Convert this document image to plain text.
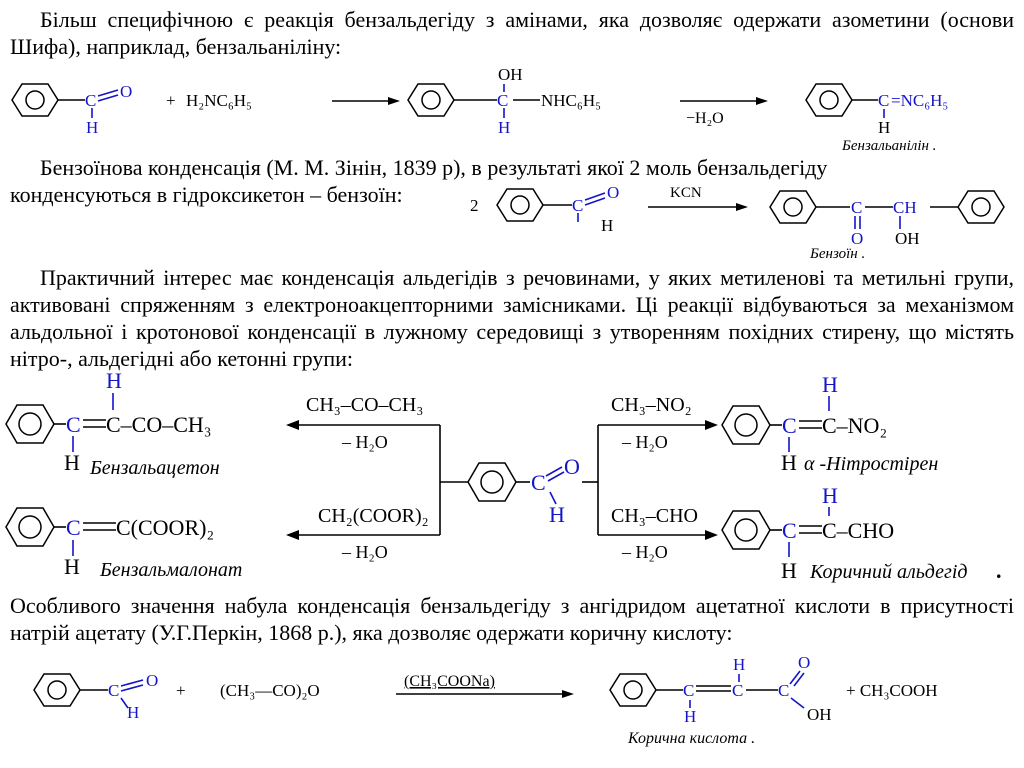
Більш специфічною є реакція бензальдегіду з амінами, яка дозволяє одержати азометини (основи Шифа), наприклад, бензальаніліну:
Бензоїнова конденсація (М. М. Зінін, 1839 р), в результаті якої 2 моль бензальдегіду
конденсуються в гідроксикетон – бензоїн:
Практичний інтерес має конденсація альдегідів з речовинами, у яких метиленові та метильні групи, активовані спряженням з електроноакцепторними замісниками. Ці реакції відбуваються за механізмом альдольної і кротонової конденсації в лужному середовищі з утворенням похідних стирену, що містять нітро-, альдегідні або кетонні групи:
Особливого значення набула конденсація бензальдегіду з ангідридом ацетатної кислоти в присутності натрій ацетату (У.Г.Перкін, 1868 р.), яка дозволяє одержати коричну кислоту:
C O
H
+ H₂NC₆H₅	C
OH
H
NHC₆H₅
−H₂O
C =NC₆H₅
H
Бензальанілін .
2	C
O
H
KCN
C
O
CH
OH
Бензоїн .
C
O
H
CH₃–CO–CH₃
– H₂O
CH₂(COOR)₂
– H₂O
CH₃–NO₂
– H₂O
CH₃–CHO
– H₂O
C
H
C–CO–CH₃
H Бензальацетон
C C(COOR)₂
H Бензальмалонат
C
H
C–NO₂
H α -Нітростірен
C
H
C–CHO
H Коричний альдегід .
C
O
H
+ (CH₃—CO)₂O	(CH₃COONa)	C
H
C
H
C
O
OH
+ CH₃COOH
Корична кислота .
